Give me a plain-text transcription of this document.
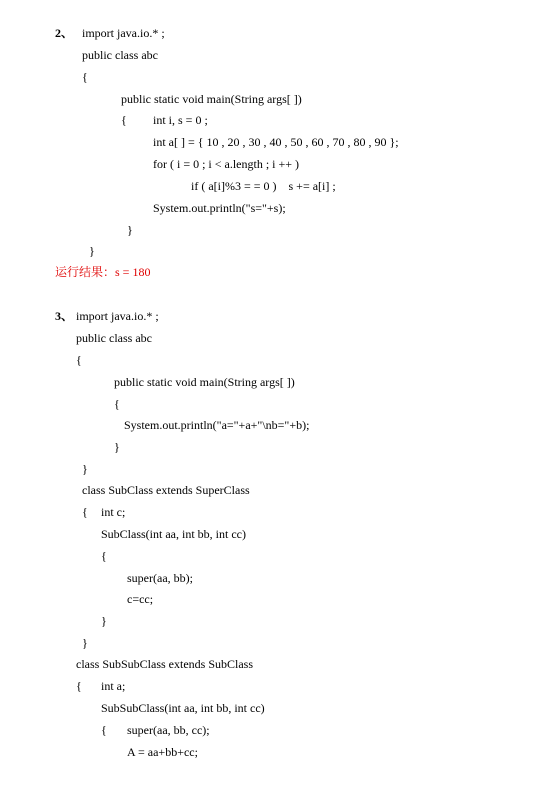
2、 import java.io.* ;
public class abc
{
public static void main(String args[ ])
{ int i, s = 0 ;
int a[ ] = { 10 , 20 , 30 , 40 , 50 , 60 , 70 , 80 , 90 };
for ( i = 0 ; i < a.length ; i ++ )
if ( a[i]%3 = = 0 )    s += a[i] ;
System.out.println("s="+s);
}
}
运行结果：s = 180
3、 import java.io.* ;
public class abc
{
public static void main(String args[ ])
{
System.out.println("a="+a+"\nb="+b);
}
}
class SubClass extends SuperClass
{ int c;
SubClass(int aa, int bb, int cc)
{
super(aa, bb);
c=cc;
}
}
class SubSubClass extends SubClass
{ int a;
SubSubClass(int aa, int bb, int cc)
{ super(aa, bb, cc);
A = aa+bb+cc;
